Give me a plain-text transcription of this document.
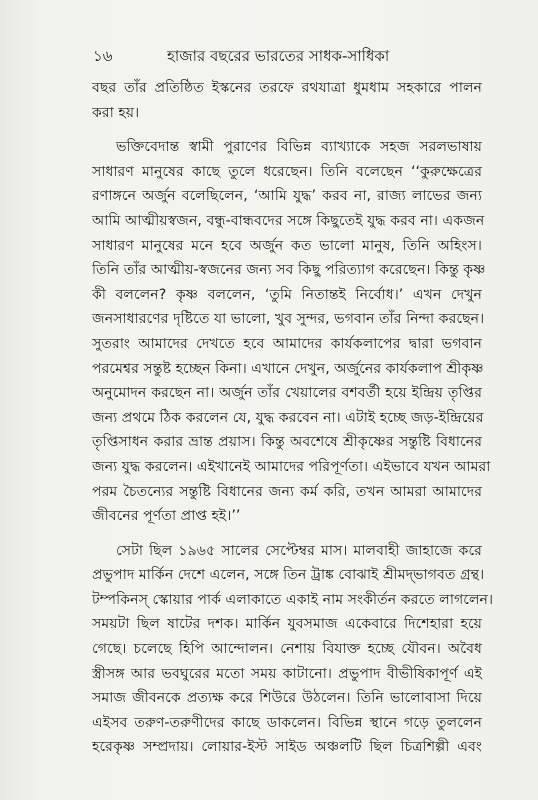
১৬	হাজার বছরের ভারতের সাধক-সাধিকা
বছর তাঁর প্রতিষ্ঠিত ইস্কনের তরফে রথযাত্রা ধুমধাম সহকারে পালন
করা হয়।
ভক্তিবেদান্ত স্বামী পুরাণের বিভিন্ন ব্যাখ্যাকে সহজ সরলভাষায়
সাধারণ মানুষের কাছে তুলে ধরেছেন। তিনি বলেছেন ‘‘কুরুক্ষেত্রের
রণাঙ্গনে অর্জুন বলেছিলেন, ‘আমি যুদ্ধ’ করব না, রাজ্য লাভের জন্য
আমি আত্মীয়স্বজন, বন্ধু-বান্ধবদের সঙ্গে কিছুতেই যুদ্ধ করব না। একজন
সাধারণ মানুষের মনে হবে অর্জুন কত ভালো মানুষ, তিনি অহিংস।
তিনি তাঁর আত্মীয়-স্বজনের জন্য সব কিছু পরিত্যাগ করেছেন। কিন্তু কৃষ্ণ
কী বললেন? কৃষ্ণ বললেন, ‘তুমি নিতান্তই নির্বোধ।’ এখন দেখুন
জনসাধারণের দৃষ্টিতে যা ভালো, খুব সুন্দর, ভগবান তাঁর নিন্দা করছেন।
সুতরাং আমাদের দেখতে হবে আমাদের কার্যকলাপের দ্বারা ভগবান
পরমেশ্বর সন্তুষ্ট হচ্ছেন কিনা। এখানে দেখুন, অর্জুনের কার্যকলাপ শ্রীকৃষ্ণ
অনুমোদন করছেন না। অর্জুন তাঁর খেয়ালের বশবর্তী হয়ে ইন্দ্রিয় তৃপ্তির
জন্য প্রথমে ঠিক করলেন যে, যুদ্ধ করবেন না। এটাই হচ্ছে জড়-ইন্দ্রিয়ের
তৃপ্তিসাধন করার ভ্রান্ত প্রয়াস। কিন্তু অবশেষে শ্রীকৃষ্ণের সন্তুষ্টি বিধানের
জন্য যুদ্ধ করলেন। এইখানেই আমাদের পরিপূর্ণতা। এইভাবে যখন আমরা
পরম চৈতন্যের সন্তুষ্টি বিধানের জন্য কর্ম করি, তখন আমরা আমাদের
জীবনের পূর্ণতা প্রাপ্ত হই।’’
সেটা ছিল ১৯৬৫ সালের সেপ্টেম্বর মাস। মালবাহী জাহাজে করে
প্রভুপাদ মার্কিন দেশে এলেন, সঙ্গে তিন ট্রাঙ্ক বোঝাই শ্রীমদ্‌ভাগবত গ্রন্থ।
টম্পকিনস্‌ স্কোয়ার পার্ক এলাকাতে একাই নাম সংকীর্তন করতে লাগলেন।
সময়টা ছিল ষাটের দশক। মার্কিন যুবসমাজ একেবারে দিশেহারা হয়ে
গেছে। চলেছে হিপি আন্দোলন। নেশায় বিযাক্ত হচ্ছে যৌবন। অবৈধ
স্ত্রীসঙ্গ আর ভবঘুরের মতো সময় কাটানো। প্রভুপাদ বীভীষিকাপূর্ণ এই
সমাজ জীবনকে প্রত্যক্ষ করে শিউরে উঠলেন। তিনি ভালোবাসা দিয়ে
এইসব তরুণ-তরুণীদের কাছে ডাকলেন। বিভিন্ন স্থানে গড়ে তুললেন
হরেকৃষ্ণ সম্প্রদায়। লোয়ার-ইস্ট সাইড অঞ্চলটি ছিল চিত্রশিল্পী এবং
